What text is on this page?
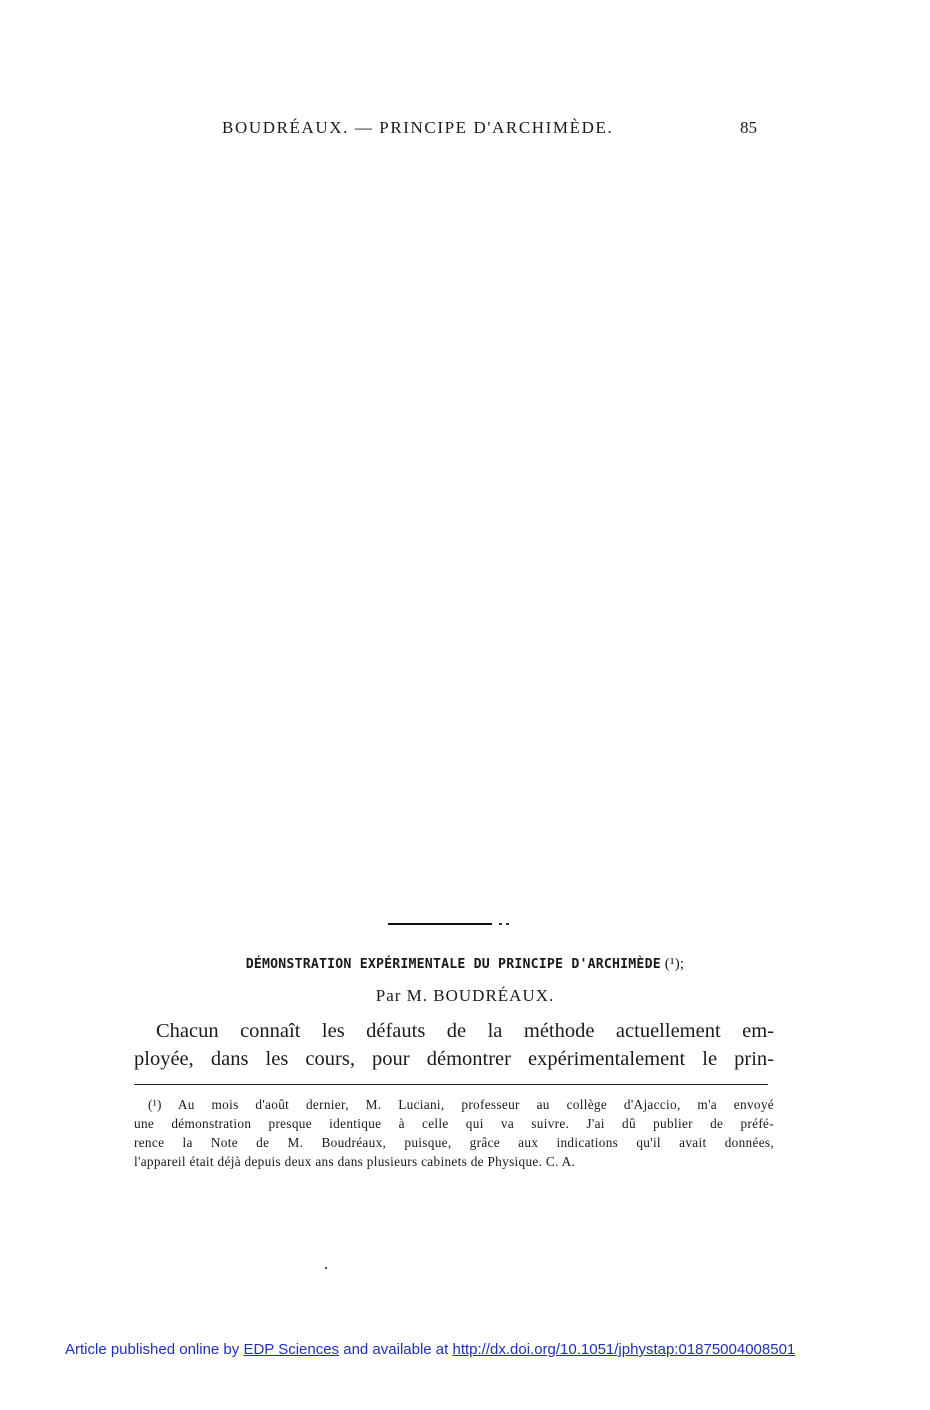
BOUDRÉAUX. — PRINCIPE D'ARCHIMÈDE.	85
DÉMONSTRATION EXPÉRIMENTALE DU PRINCIPE D'ARCHIMÈDE (¹);
Par M. BOUDRÉAUX.
Chacun connaît les défauts de la méthode actuellement em-
ployée, dans les cours, pour démontrer expérimentalement le prin-
(¹) Au mois d'août dernier, M. Luciani, professeur au collège d'Ajaccio, m'a envoyé
une démonstration presque identique à celle qui va suivre. J'ai dû publier de préfé-
rence la Note de M. Boudréaux, puisque, grâce aux indications qu'il avait données,
l'appareil était déjà depuis deux ans dans plusieurs cabinets de Physique. C. A.
Article published online by EDP Sciences and available at http://dx.doi.org/10.1051/jphystap:01875004008501
